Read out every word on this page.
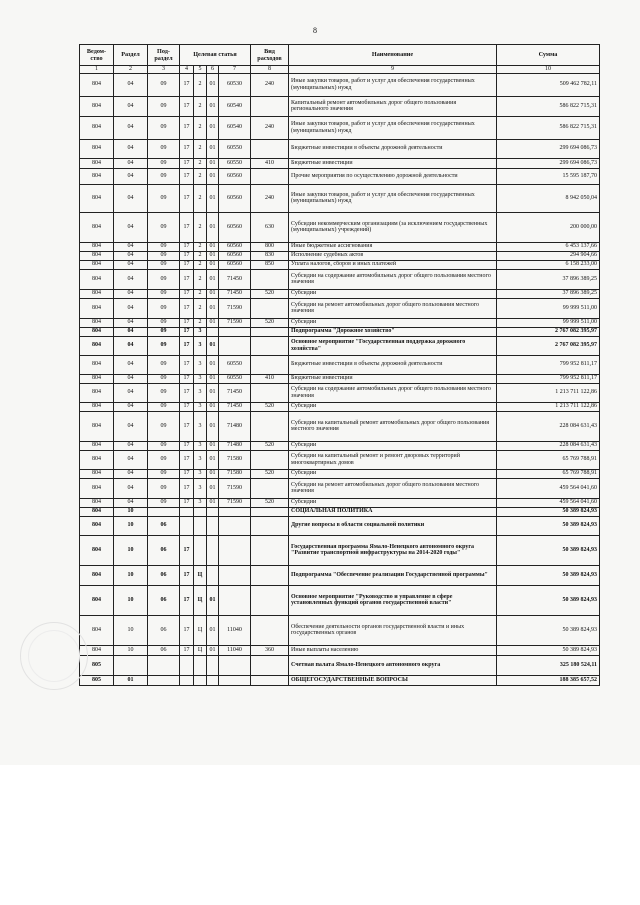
8
Ведом-ство	Раздел	Под-раздел	Целевая статья				Вид расходов	Наименование	Сумма
1	2	3	4	5	6	7	8	9	10
804	04	09	17	2	01	60530	240	Иные закупки товаров, работ и услуг для обеспечения государственных (муниципальных) нужд	509 462 782,11
804	04	09	17	2	01	60540		Капитальный ремонт автомобильных дорог общего пользования регионального значения	586 822 715,31
804	04	09	17	2	01	60540	240	Иные закупки товаров, работ и услуг для обеспечения государственных (муниципальных) нужд	586 822 715,31
804	04	09	17	2	01	60550		Бюджетные инвестиции в объекты дорожной деятельности	299 694 086,73
804	04	09	17	2	01	60550	410	Бюджетные инвестиции	299 694 086,73
804	04	09	17	2	01	60560		Прочие мероприятия по осуществлению дорожной деятельности	15 595 187,70
804	04	09	17	2	01	60560	240	Иные закупки товаров, работ и услуг для обеспечения государственных (муниципальных) нужд	8 942 050,04
804	04	09	17	2	01	60560	630	Субсидии некоммерческим организациям (за исключением государственных (муниципальных) учреждений)	200 000,00
804	04	09	17	2	01	60560	800	Иные бюджетные ассигнования	6 453 137,66
804	04	09	17	2	01	60560	830	Исполнение судебных актов	294 904,66
804	04	09	17	2	01	60560	850	Уплата налогов, сборов и иных платежей	6 158 233,00
804	04	09	17	2	01	71450		Субсидии на содержание автомобильных дорог общего пользования местного значения	37 896 389,25
804	04	09	17	2	01	71450	520	Субсидии	37 896 389,25
804	04	09	17	2	01	71590		Субсидии на ремонт автомобильных дорог общего пользования местного значения	99 999 511,00
804	04	09	17	2	01	71590	520	Субсидии	99 999 511,00
804	04	09	17	3				Подпрограмма "Дорожное хозяйство"	2 767 082 395,97
804	04	09	17	3	01			Основное мероприятие "Государственная поддержка дорожного хозяйства"	2 767 082 395,97
804	04	09	17	3	01	60550		Бюджетные инвестиции в объекты дорожной деятельности	799 952 811,17
804	04	09	17	3	01	60550	410	Бюджетные инвестиции	799 952 811,17
804	04	09	17	3	01	71450		Субсидии на содержание автомобильных дорог общего пользования местного значения	1 213 711 122,86
804	04	09	17	3	01	71450	520	Субсидии	1 213 711 122,86
804	04	09	17	3	01	71480		Субсидии на капитальный ремонт автомобильных дорог общего пользования местного значения	228 084 631,43
804	04	09	17	3	01	71480	520	Субсидии	228 084 631,43
804	04	09	17	3	01	71580		Субсидии на капитальный ремонт и ремонт дворовых территорий многоквартирных домов	65 769 788,91
804	04	09	17	3	01	71580	520	Субсидии	65 769 788,91
804	04	09	17	3	01	71590		Субсидии на ремонт автомобильных дорог общего пользования местного значения	459 564 041,60
804	04	09	17	3	01	71590	520	Субсидии	459 564 041,60
804	10							СОЦИАЛЬНАЯ ПОЛИТИКА	50 389 824,93
804	10	06						Другие вопросы в области социальной политики	50 389 824,93
804	10	06	17					Государственная программа Ямало-Ненецкого автономного округа "Развитие транспортной инфраструктуры на 2014-2020 годы"	50 389 824,93
804	10	06	17	Ц				Подпрограмма "Обеспечение реализации Государственной программы"	50 389 824,93
804	10	06	17	Ц	01			Основное мероприятие "Руководство и управление в сфере установленных функций органов государственной власти"	50 389 824,93
804	10	06	17	Ц	01	11040		Обеспечение деятельности органов государственной власти и иных государственных органов	50 389 824,93
804	10	06	17	Ц	01	11040	360	Иные выплаты населению	50 389 824,93
805								Счетная палата Ямало-Ненецкого автономного округа	325 180 524,11
805	01							ОБЩЕГОСУДАРСТВЕННЫЕ ВОПРОСЫ	188 385 657,52
